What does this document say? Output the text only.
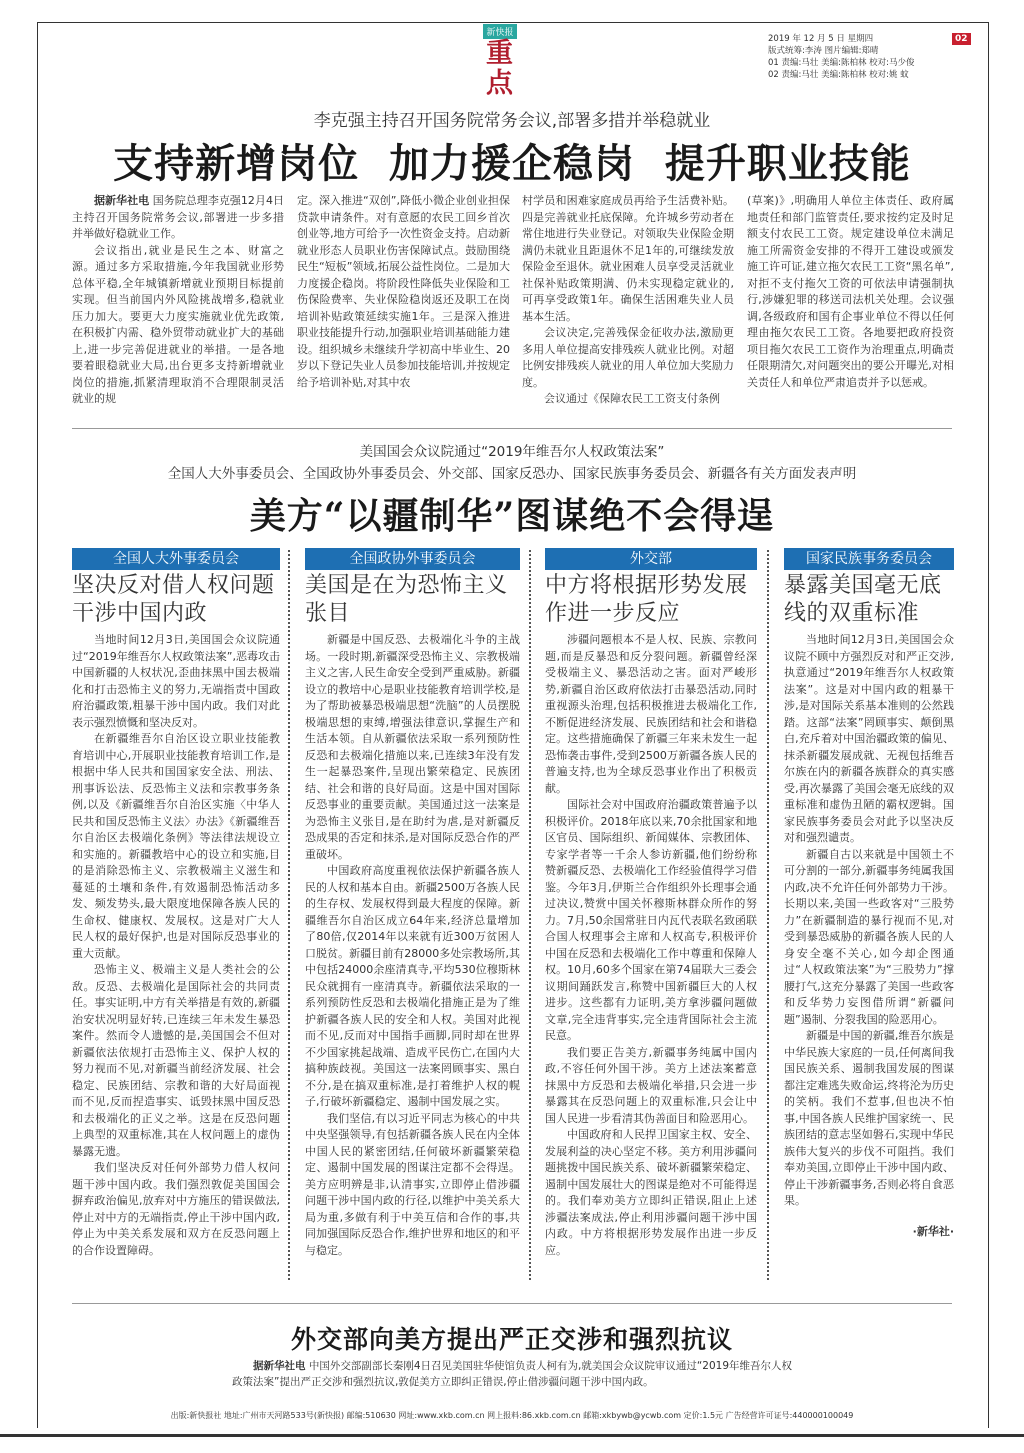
新快报
重点
2019 年 12 月 5 日 星期四
版式统筹:李涛 图片编辑:郑晴
01 责编:马壮 美编:陈柏林 校对:马少俊
02 责编:马壮 美编:陈柏林 校对:姚 蚊
02
李克强主持召开国务院常务会议,部署多措并举稳就业
支持新增岗位  加力援企稳岗  提升职业技能

据新华社电 国务院总理李克强12月4日主持召开国务院常务会议,部署进一步多措并举做好稳就业工作。

会议指出,就业是民生之本、财富之源。通过多方采取措施,今年我国就业形势总体平稳,全年城镇新增就业预期目标提前实现。但当前国内外风险挑战增多,稳就业压力加大。要更大力度实施就业优先政策,在积极扩内需、稳外贸带动就业扩大的基础上,进一步完善促进就业的举措。一是各地要着眼稳就业大局,出台更多支持新增就业岗位的措施,抓紧清理取消不合理限制灵活就业的规

定。深入推进“双创”,降低小微企业创业担保贷款申请条件。对有意愿的农民工回乡首次创业等,地方可给予一次性资金支持。启动新就业形态人员职业伤害保障试点。鼓励围绕民生“短板”领域,拓展公益性岗位。二是加大力度援企稳岗。将阶段性降低失业保险和工伤保险费率、失业保险稳岗返还及职工在岗培训补贴政策延续实施1年。三是深入推进职业技能提升行动,加强职业培训基础能力建设。组织城乡未继续升学初高中毕业生、20岁以下登记失业人员参加技能培训,并按规定给予培训补贴,对其中农

村学员和困难家庭成员再给予生活费补贴。四是完善就业托底保障。允许城乡劳动者在常住地进行失业登记。对领取失业保险金期满仍未就业且距退休不足1年的,可继续发放保险金至退休。就业困难人员享受灵活就业社保补贴政策期满、仍未实现稳定就业的,可再享受政策1年。确保生活困难失业人员基本生活。

会议决定,完善残保金征收办法,激励更多用人单位提高安排残疾人就业比例。对超比例安排残疾人就业的用人单位加大奖励力度。

会议通过《保障农民工工资支付条例

(草案)》,明确用人单位主体责任、政府属地责任和部门监管责任,要求按约定及时足额支付农民工工资。规定建设单位未满足施工所需资金安排的不得开工建设或颁发施工许可证,建立拖欠农民工工资“黑名单”,对拒不支付拖欠工资的可依法申请强制执行,涉嫌犯罪的移送司法机关处理。会议强调,各级政府和国有企事业单位不得以任何理由拖欠农民工工资。各地要把政府投资项目拖欠农民工工资作为治理重点,明确责任限期清欠,对问题突出的要公开曝光,对相关责任人和单位严肃追责并予以惩戒。

美国国会众议院通过“2019年维吾尔人权政策法案”
全国人大外事委员会、全国政协外事委员会、外交部、国家反恐办、国家民族事务委员会、新疆各有关方面发表声明
美方“以疆制华”图谋绝不会得逞
全国人大外事委员会
坚决反对借人权问题干涉中国内政

当地时间12月3日,美国国会众议院通过“2019年维吾尔人权政策法案”,恶毒攻击中国新疆的人权状况,歪曲抹黑中国去极端化和打击恐怖主义的努力,无端指责中国政府治疆政策,粗暴干涉中国内政。我们对此表示强烈愤慨和坚决反对。

在新疆维吾尔自治区设立职业技能教育培训中心,开展职业技能教育培训工作,是根据中华人民共和国国家安全法、刑法、刑事诉讼法、反恐怖主义法和宗教事务条例,以及《新疆维吾尔自治区实施〈中华人民共和国反恐怖主义法〉办法》《新疆维吾尔自治区去极端化条例》等法律法规设立和实施的。新疆教培中心的设立和实施,目的是消除恐怖主义、宗教极端主义滋生和蔓延的土壤和条件,有效遏制恐怖活动多发、频发势头,最大限度地保障各族人民的生命权、健康权、发展权。这是对广大人民人权的最好保护,也是对国际反恐事业的重大贡献。

恐怖主义、极端主义是人类社会的公敌。反恐、去极端化是国际社会的共同责任。事实证明,中方有关举措是有效的,新疆治安状况明显好转,已连续三年未发生暴恐案件。然而令人遗憾的是,美国国会不但对新疆依法依规打击恐怖主义、保护人权的努力视而不见,对新疆当前经济发展、社会稳定、民族团结、宗教和谐的大好局面视而不见,反而捏造事实、诋毁抹黑中国反恐和去极端化的正义之举。这是在反恐问题上典型的双重标准,其在人权问题上的虚伪暴露无遗。

我们坚决反对任何外部势力借人权问题干涉中国内政。我们强烈敦促美国国会摒弃政治偏见,放弃对中方施压的错误做法,停止对中方的无端指责,停止干涉中国内政,停止为中美关系发展和双方在反恐问题上的合作设置障碍。

全国政协外事委员会
美国是在为恐怖主义张目

新疆是中国反恐、去极端化斗争的主战场。一段时期,新疆深受恐怖主义、宗教极端主义之害,人民生命安全受到严重威胁。新疆设立的教培中心是职业技能教育培训学校,是为了帮助被暴恐极端思想“洗脑”的人员摆脱极端思想的束缚,增强法律意识,掌握生产和生活本领。自从新疆依法采取一系列预防性反恐和去极端化措施以来,已连续3年没有发生一起暴恐案件,呈现出繁荣稳定、民族团结、社会和谐的良好局面。这是中国对国际反恐事业的重要贡献。美国通过这一法案是为恐怖主义张目,是在助纣为虐,是对新疆反恐成果的否定和抹杀,是对国际反恐合作的严重破坏。

中国政府高度重视依法保护新疆各族人民的人权和基本自由。新疆2500万各族人民的生存权、发展权得到最大程度的保障。新疆维吾尔自治区成立64年来,经济总量增加了80倍,仅2014年以来就有近300万贫困人口脱贫。新疆目前有28000多处宗教场所,其中包括24000余座清真寺,平均530位穆斯林民众就拥有一座清真寺。新疆依法采取的一系列预防性反恐和去极端化措施正是为了维护新疆各族人民的安全和人权。美国对此视而不见,反而对中国指手画脚,同时却在世界不少国家挑起战端、造成平民伤亡,在国内大搞种族歧视。美国这一法案罔顾事实、黑白不分,是在搞双重标准,是打着维护人权的幌子,行破坏新疆稳定、遏制中国发展之实。

我们坚信,有以习近平同志为核心的中共中央坚强领导,有包括新疆各族人民在内全体中国人民的紧密团结,任何破坏新疆繁荣稳定、遏制中国发展的图谋注定都不会得逞。美方应明辨是非,认清事实,立即停止借涉疆问题干涉中国内政的行径,以维护中美关系大局为重,多做有利于中美互信和合作的事,共同加强国际反恐合作,维护世界和地区的和平与稳定。

外交部
中方将根据形势发展作进一步反应

涉疆问题根本不是人权、民族、宗教问题,而是反暴恐和反分裂问题。新疆曾经深受极端主义、暴恐活动之害。面对严峻形势,新疆自治区政府依法打击暴恐活动,同时重视源头治理,包括积极推进去极端化工作,不断促进经济发展、民族团结和社会和谐稳定。这些措施确保了新疆三年来未发生一起恐怖袭击事件,受到2500万新疆各族人民的普遍支持,也为全球反恐事业作出了积极贡献。

国际社会对中国政府治疆政策普遍予以积极评价。2018年底以来,70余批国家和地区官员、国际组织、新闻媒体、宗教团体、专家学者等一千余人参访新疆,他们纷纷称赞新疆反恐、去极端化工作经验值得学习借鉴。今年3月,伊斯兰合作组织外长理事会通过决议,赞赏中国关怀穆斯林群众所作的努力。7月,50余国常驻日内瓦代表联名致函联合国人权理事会主席和人权高专,积极评价中国在反恐和去极端化工作中尊重和保障人权。10月,60多个国家在第74届联大三委会议期间踊跃发言,称赞中国新疆巨大的人权进步。这些都有力证明,美方拿涉疆问题做文章,完全违背事实,完全违背国际社会主流民意。

我们要正告美方,新疆事务纯属中国内政,不容任何外国干涉。美方上述法案蓄意抹黑中方反恐和去极端化举措,只会进一步暴露其在反恐问题上的双重标准,只会让中国人民进一步看清其伪善面目和险恶用心。

中国政府和人民捍卫国家主权、安全、发展利益的决心坚定不移。美方利用涉疆问题挑拨中国民族关系、破坏新疆繁荣稳定、遏制中国发展壮大的图谋是绝对不可能得逞的。我们奉劝美方立即纠正错误,阻止上述涉疆法案成法,停止利用涉疆问题干涉中国内政。中方将根据形势发展作出进一步反应。

国家民族事务委员会
暴露美国毫无底线的双重标准

当地时间12月3日,美国国会众议院不顾中方强烈反对和严正交涉,执意通过“2019年维吾尔人权政策法案”。这是对中国内政的粗暴干涉,是对国际关系基本准则的公然践踏。这部“法案”罔顾事实、颠倒黑白,充斥着对中国治疆政策的偏见、抹杀新疆发展成就、无视包括维吾尔族在内的新疆各族群众的真实感受,再次暴露了美国会毫无底线的双重标准和虚伪丑陋的霸权逻辑。国家民族事务委员会对此予以坚决反对和强烈谴责。

新疆自古以来就是中国领土不可分割的一部分,新疆事务纯属我国内政,决不允许任何外部势力干涉。长期以来,美国一些政客对“三股势力”在新疆制造的暴行视而不见,对受到暴恐威胁的新疆各族人民的人身安全毫不关心,如今却企图通过“人权政策法案”为“三股势力”撑腰打气,这充分暴露了美国一些政客和反华势力妄图借所谓“新疆问题”遏制、分裂我国的险恶用心。

新疆是中国的新疆,维吾尔族是中华民族大家庭的一员,任何离间我国民族关系、遏制我国发展的图谋都注定难逃失败命运,终将沦为历史的笑柄。我们不惹事,但也决不怕事,中国各族人民维护国家统一、民族团结的意志坚如磐石,实现中华民族伟大复兴的步伐不可阻挡。我们奉劝美国,立即停止干涉中国内政、停止干涉新疆事务,否则必将自食恶果。

·新华社·
外交部向美方提出严正交涉和强烈抗议

据新华社电 中国外交部副部长秦刚4日召见美国驻华使馆负责人柯有为,就美国会众议院审议通过“2019年维吾尔人权政策法案”提出严正交涉和强烈抗议,敦促美方立即纠正错误,停止借涉疆问题干涉中国内政。

出版:新快报社 地址:广州市天河路533号(新快报) 邮编:510630 网址:www.xkb.com.cn 网上报料:86.xkb.com.cn 邮箱:xkbywb@ycwb.com 定价:1.5元 广告经营许可证号:440000100049
